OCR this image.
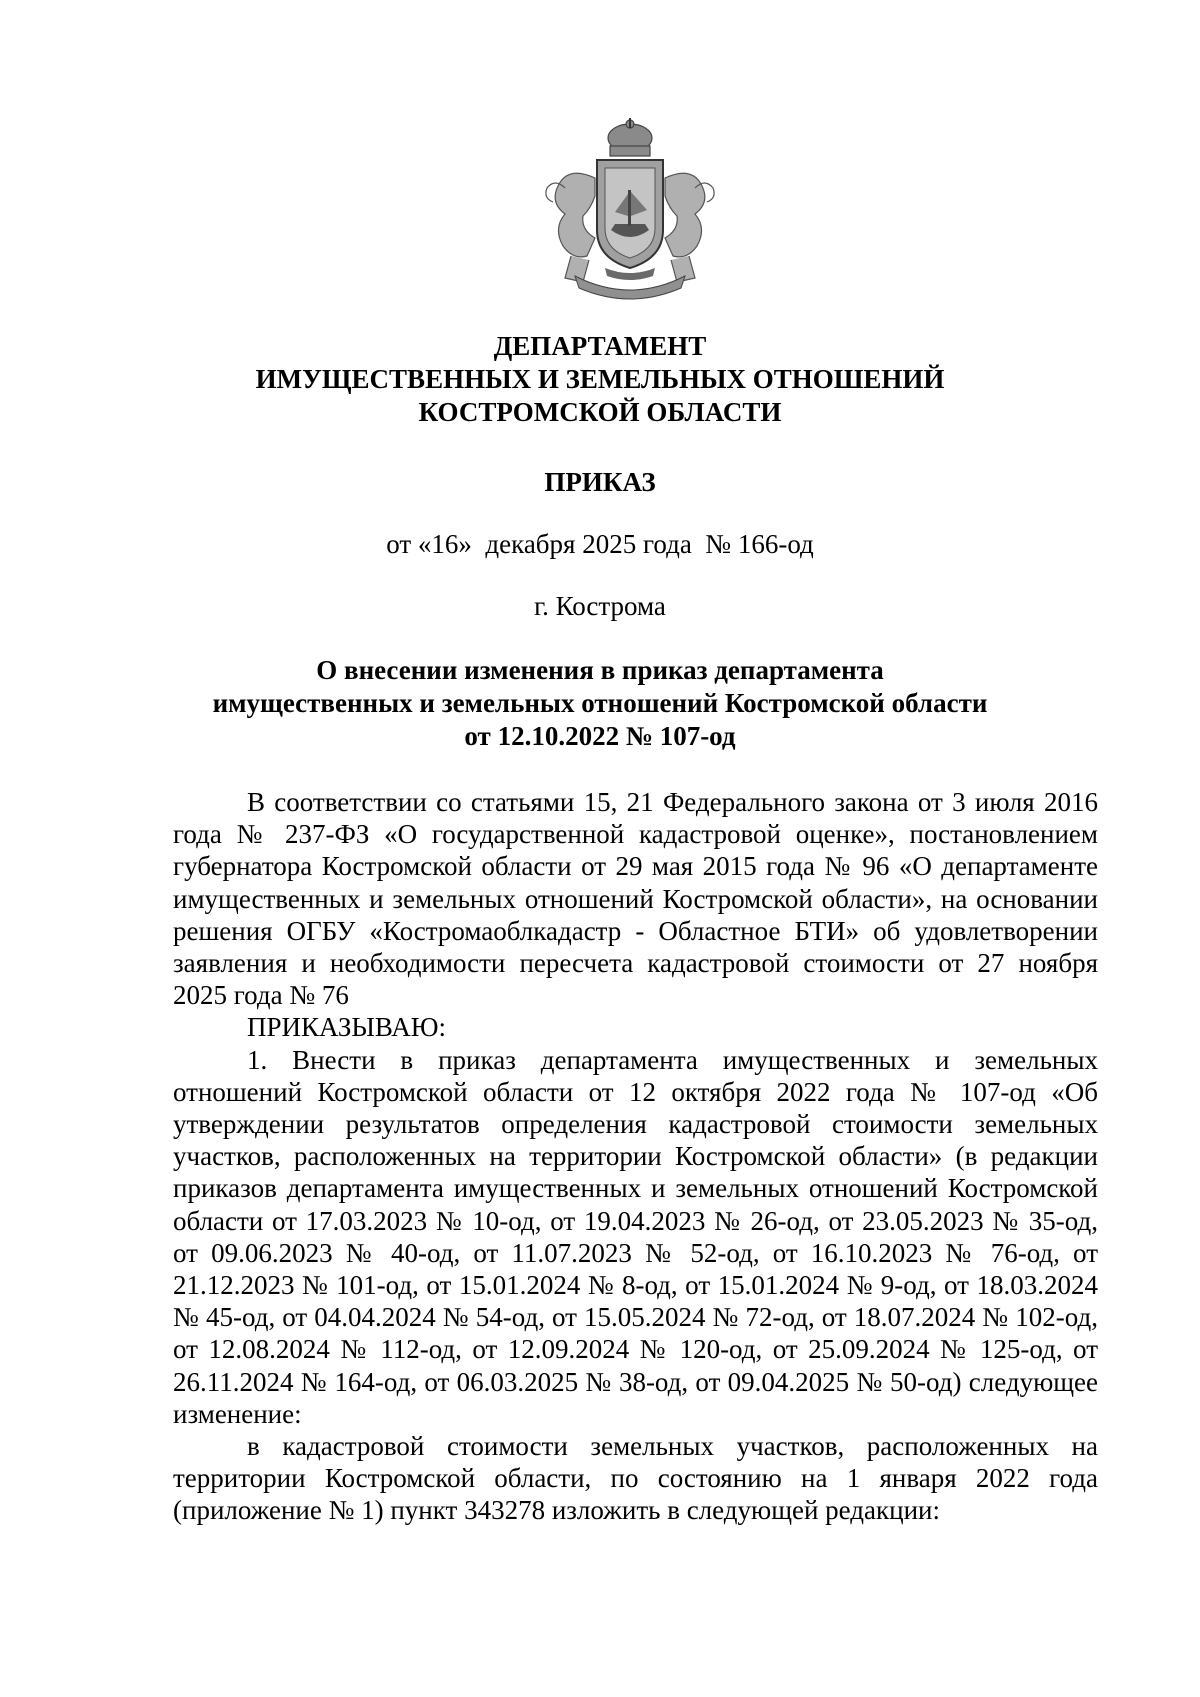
ДЕПАРТАМЕНТ
ИМУЩЕСТВЕННЫХ И ЗЕМЕЛЬНЫХ ОТНОШЕНИЙ
КОСТРОМСКОЙ ОБЛАСТИ
ПРИКАЗ
от «16»  декабря 2025 года  № 166-од
г. Кострома
О внесении изменения в приказ департамента
имущественных и земельных отношений Костромской области
от 12.10.2022 № 107-од

В соответствии со статьями 15, 21 Федерального закона от 3 июля 2016 года № 237-ФЗ «О государственной кадастровой оценке», постановлением губернатора Костромской области от 29 мая 2015 года № 96 «О департаменте имущественных и земельных отношений Костромской области», на основании решения ОГБУ «Костромаоблкадастр - Областное БТИ» об удовлетворении заявления и необходимости пересчета кадастровой стоимости от 27 ноября 2025 года № 76

ПРИКАЗЫВАЮ:

1. Внести в приказ департамента имущественных и земельных отношений Костромской области от 12 октября 2022 года № 107-од «Об утверждении результатов определения кадастровой стоимости земельных участков, расположенных на территории Костромской области» (в редакции приказов департамента имущественных и земельных отношений Костромской области от 17.03.2023 № 10-од, от 19.04.2023 № 26-од, от 23.05.2023 № 35-од, от 09.06.2023 № 40-од, от 11.07.2023 № 52-од, от 16.10.2023 № 76-од, от 21.12.2023 № 101-од, от 15.01.2024 № 8-од, от 15.01.2024 № 9-од, от 18.03.2024 № 45-од, от 04.04.2024 № 54-од, от 15.05.2024 № 72-од, от 18.07.2024 № 102-од, от 12.08.2024 № 112-од, от 12.09.2024 № 120-од, от 25.09.2024 № 125-од, от 26.11.2024 № 164-од, от 06.03.2025 № 38-од, от 09.04.2025 № 50-од) следующее изменение:

в кадастровой стоимости земельных участков, расположенных на территории Костромской области, по состоянию на 1 января 2022 года (приложение № 1) пункт 343278 изложить в следующей редакции:
